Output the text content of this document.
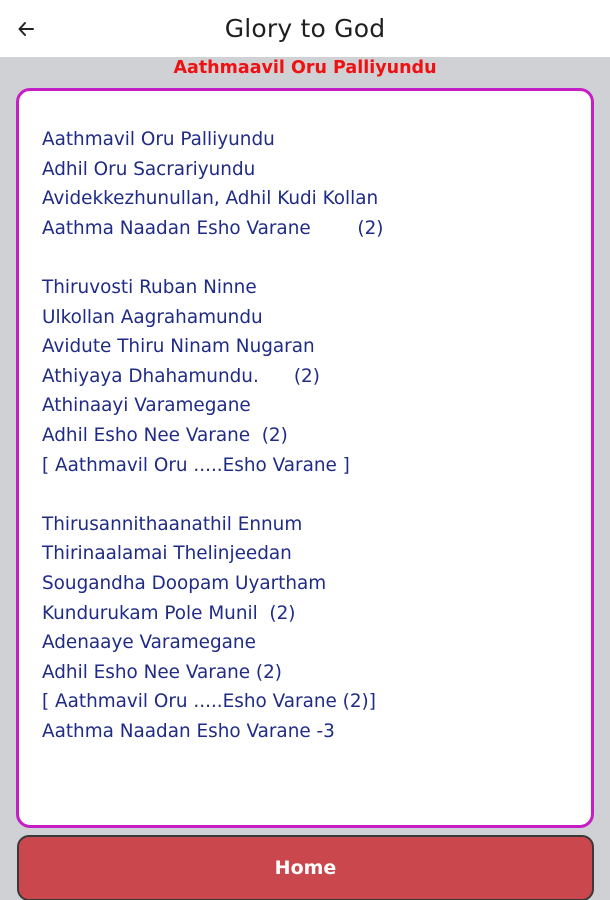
Glory to God
Aathmaavil Oru Palliyundu
Aathmavil Oru Palliyundu
Adhil Oru Sacrariyundu
Avidekkezhunullan, Adhil Kudi Kollan
Aathma Naadan Esho Varane        (2)
Thiruvosti Ruban Ninne
Ulkollan Aagrahamundu
Avidute Thiru Ninam Nugaran
Athiyaya Dhahamundu.      (2)
Athinaayi Varamegane
Adhil Esho Nee Varane  (2)
[ Aathmavil Oru .....Esho Varane ]
Thirusannithaanathil Ennum
Thirinaalamai Thelinjeedan
Sougandha Doopam Uyartham
Kundurukam Pole Munil  (2)
Adenaaye Varamegane
Adhil Esho Nee Varane (2)
[ Aathmavil Oru .....Esho Varane (2)]
Aathma Naadan Esho Varane -3
Home
